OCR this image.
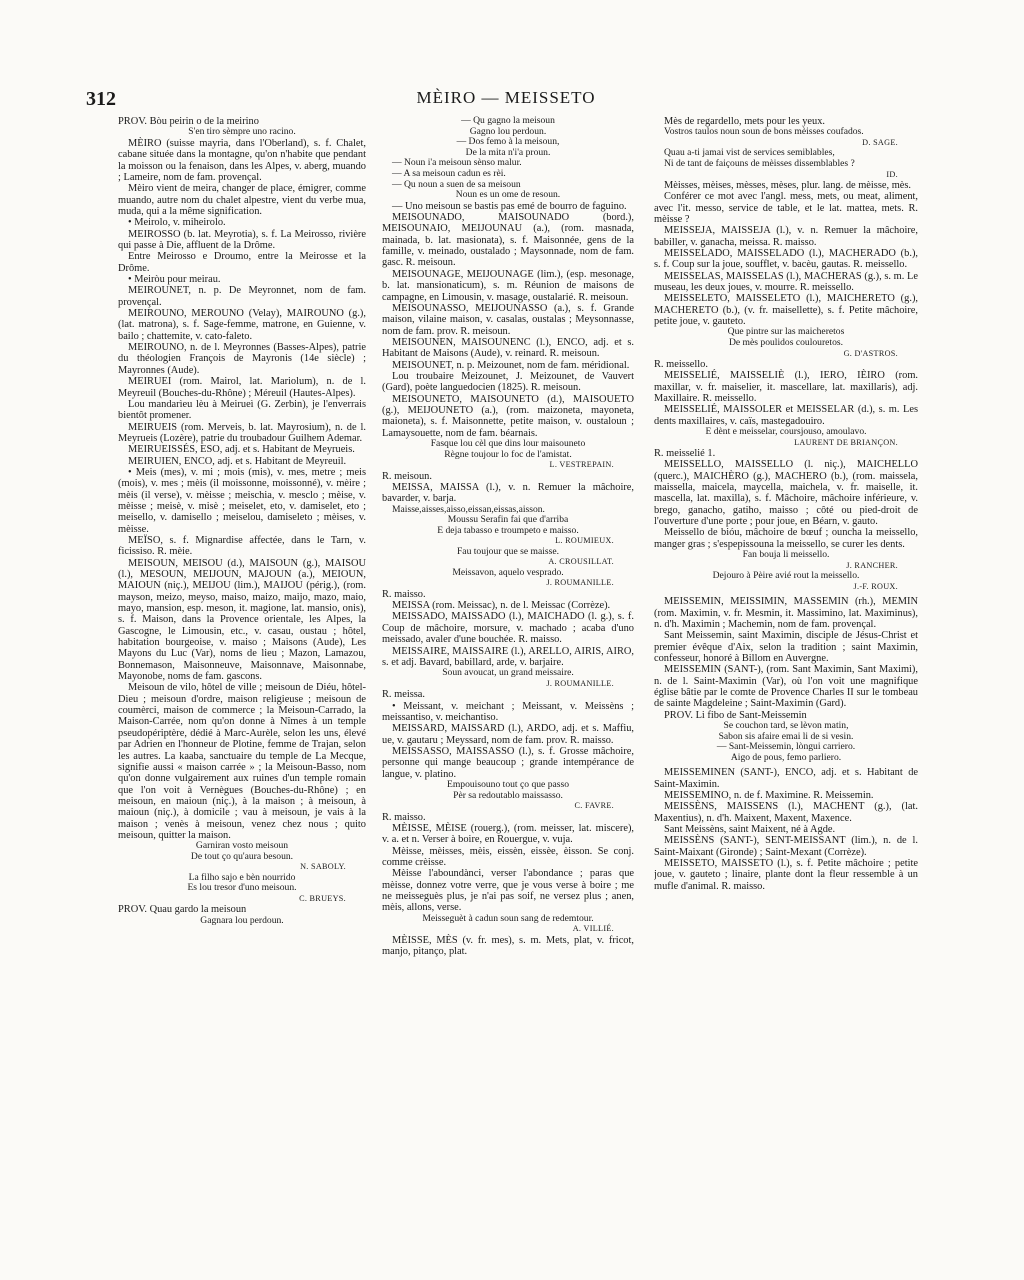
312	MÈIRO — MEISSETO

PROV. Bòu peirin o de la meirino

S'en tiro sèmpre uno racino.

MÈIRO (suisse mayria, dans l'Oberland), s. f. Chalet, cabane située dans la montagne, qu'on n'habite que pendant la moisson ou la fenaison, dans les Alpes, v. aberg, muando ; Lameire, nom de fam. provençal.

Mèiro vient de meira, changer de place, émigrer, comme muando, autre nom du chalet alpestre, vient du verbe mua, muda, qui a la même signification.

• Meirolo, v. miheirolo.

MEIROSSO (b. lat. Meyrotia), s. f. La Meirosso, rivière qui passe à Die, affluent de la Drôme.

Entre Meirosso e Droumo, entre la Meirosse et la Drôme.

• Meiròu pour meirau.

MEIROUNET, n. p. De Meyronnet, nom de fam. provençal.

MEIROUNO, MEROUNO (Velay), MAIROUNO (g.), (lat. matrona), s. f. Sage-femme, matrone, en Guienne, v. bailo ; chattemite, v. cato-faleto.

MEIROUNO, n. de l. Meyronnes (Basses-Alpes), patrie du théologien François de Mayronis (14e siècle) ; Mayronnes (Aude).

MEIRUEI (rom. Mairol, lat. Mariolum), n. de l. Meyreuil (Bouches-du-Rhône) ; Méreuil (Hautes-Alpes).

Lou mandarìeu lèu à Meirueì (G. Zerbin), je l'enverrais bientôt promener.

MEIRUEIS (rom. Merveis, b. lat. Mayrosium), n. de l. Meyrueis (Lozère), patrie du troubadour Guilhem Ademar.

MEIRUEISSÉS, ESO, adj. et s. Habitant de Meyrueis.

MEIRUIEN, ENCO, adj. et s. Habitant de Meyreuil.

• Meis (mes), v. mi ; mois (mis), v. mes, metre ; meis (mois), v. mes ; mèis (il moissonne, moissonné), v. mèire ; mèis (il verse), v. mèisse ; meischia, v. mesclo ; mèise, v. mèisse ; meisè, v. misè ; meiselet, eto, v. damiselet, eto ; meisello, v. damisello ; meiselou, damiseleto ; mèises, v. mèisse.

MEÏSO, s. f. Mignardise affectée, dans le Tarn, v. ficissiso. R. mèie.

MEISOUN, MEISOU (d.), MAISOUN (g.), MAISOU (l.), MESOUN, MEIJOUN, MAJOUN (a.), MEIOUN, MAIOUN (niç.), MEIJOU (lim.), MAIJOU (périg.), (rom. mayson, meizo, meyso, maiso, maizo, maijo, mazo, maio, mayo, mansion, esp. meson, it. magione, lat. mansio, onis), s. f. Maison, dans la Provence orientale, les Alpes, la Gascogne, le Limousin, etc., v. casau, oustau ; hôtel, habitation bourgeoise, v. maiso ; Maisons (Aude), Les Mayons du Luc (Var), noms de lieu ; Mazon, Lamazou, Bonnemason, Maisonneuve, Maisonnave, Maisonnabe, Mayonobe, noms de fam. gascons.

Meisoun de vilo, hôtel de ville ; meisoun de Diéu, hôtel-Dieu ; meisoun d'ordre, maison religieuse ; meisoun de coumèrci, maison de commerce ; la Meisoun-Carrado, la Maison-Carrée, nom qu'on donne à Nîmes à un temple pseudopériptère, dédié à Marc-Aurèle, selon les uns, élevé par Adrien en l'honneur de Plotine, femme de Trajan, selon les autres. La kaaba, sanctuaire du temple de La Mecque, signifie aussi « maison carrée » ; la Meisoun-Basso, nom qu'on donne vulgairement aux ruines d'un temple romain que l'on voit à Vernègues (Bouches-du-Rhône) ; en meisoun, en maioun (niç.), à la maison ; à meisoun, à maioun (niç.), à domicile ; vau à meisoun, je vais à la maison ; venès à meisoun, venez chez nous ; quito meisoun, quitter la maison.

Garniran vosto meisoun

De tout ço qu'aura besoun.

N. SABOLY.

La filho sajo e bèn nourrido

Es lou tresor d'uno meisoun.

C. BRUEYS.

PROV. Quau gardo la meisoun

Gagnara lou perdoun.

— Qu gagno la meisoun

Gagno lou perdoun.

— Dos femo à la meisoun,

De la mita n'i'a proun.

— Noun i'a meisoun sènso malur.

— A sa meisoun cadun es rèi.

— Qu noun a suen de sa meisoun

Noun es un ome de resoun.

— Uno meisoun se bastis pas emé de bourro de faguino.

MEISOUNADO, MAISOUNADO (bord.), MEISOUNAIO, MEIJOUNAU (a.), (rom. masnada, mainada, b. lat. masionata), s. f. Maisonnée, gens de la famille, v. meinado, oustalado ; Maysonnade, nom de fam. gasc. R. meisoun.

MEISOUNAGE, MEIJOUNAGE (lim.), (esp. mesonage, b. lat. mansionaticum), s. m. Réunion de maisons de campagne, en Limousin, v. masage, oustalarié. R. meisoun.

MEISOUNASSO, MEIJOUNASSO (a.), s. f. Grande maison, vilaine maison, v. casalas, oustalas ; Meysonnasse, nom de fam. prov. R. meisoun.

MEISOUNEN, MAISOUNENC (l.), ENCO, adj. et s. Habitant de Maisons (Aude), v. reinard. R. meisoun.

MEISOUNET, n. p. Meizounet, nom de fam. méridional.

Lou troubaire Meizounet, J. Meizounet, de Vauvert (Gard), poète languedocien (1825). R. meisoun.

MEISOUNETO, MAISOUNETO (d.), MAISOUETO (g.), MEIJOUNETO (a.), (rom. maizoneta, mayoneta, maioneta), s. f. Maisonnette, petite maison, v. oustaloun ; Lamaysouette, nom de fam. béarnais.

Fasque lou cèl que dins lour maisouneto

Règne toujour lo foc de l'amistat.

L. VESTREPAIN.

R. meisoun.

MEISSA, MAISSA (l.), v. n. Remuer la mâchoire, bavarder, v. barja.

Maisse,aisses,aisso,eissan,eissas,aisson.

Moussu Serafin fai que d'arriba

E deja tabasso e troumpeto e maisso.

L. ROUMIEUX.

Fau toujour que se maisse.

A. CROUSILLAT.

Meissavon, aquelo vesprado.

J. ROUMANILLE.

R. maisso.

MEISSA (rom. Meissac), n. de l. Meissac (Corrèze).

MEISSADO, MAISSADO (l.), MAICHADO (l. g.), s. f. Coup de mâchoire, morsure, v. machado ; acaba d'uno meissado, avaler d'une bouchée. R. maisso.

MEISSAIRE, MAISSAIRE (l.), ARELLO, AIRIS, AIRO, s. et adj. Bavard, babillard, arde, v. barjaire.

Soun avoucat, un grand meissaire.

J. ROUMANILLE.

R. meissa.

• Meissant, v. meichant ; Meissant, v. Meissèns ; meissantiso, v. meichantiso.

MEISSARD, MAISSARD (l.), ARDO, adj. et s. Maffiu, ue, v. gautaru ; Meyssard, nom de fam. prov. R. maisso.

MEISSASSO, MAISSASSO (l.), s. f. Grosse mâchoire, personne qui mange beaucoup ; grande intempérance de langue, v. platino.

Empouisouno tout ço que passo

Pèr sa redoutablo maissasso.

C. FAVRE.

R. maisso.

MÈISSE, MÈISE (rouerg.), (rom. meisser, lat. miscere), v. a. et n. Verser à boire, en Rouergue, v. vuja.

Mèisse, mèisses, mèis, eissèn, eissèe, èisson. Se conj. comme crèisse.

Mèisse l'aboundànci, verser l'abondance ; paras que mèisse, donnez votre verre, que je vous verse à boire ; me ne meisseguès plus, je n'ai pas soif, ne versez plus ; anen, mèis, allons, verse.

Meisseguèt à cadun soun sang de redemtour.

A. VILLIÉ.

MÈISSE, MÈS (v. fr. mes), s. m. Mets, plat, v. fricot, manjo, pitanço, plat.

Mès de regardello, mets pour les yeux.

Vostros taulos noun soun de bons mèisses coufados.

D. SAGE.

Quau a-ti jamai vist de services semiblables,

Ni de tant de faiçouns de mèisses dissemblables ?

ID.

Mèisses, mèises, mèsses, mèses, plur. lang. de mèisse, mès.

Conférer ce mot avec l'angl. mess, mets, ou meat, aliment, avec l'it. messo, service de table, et le lat. mattea, mets. R. mèisse ?

MEISSEJA, MAISSEJA (l.), v. n. Remuer la mâchoire, babiller, v. ganacha, meissa. R. maisso.

MEISSELADO, MAISSELADO (l.), MACHERADO (b.), s. f. Coup sur la joue, soufflet, v. bacèu, gautas. R. meissello.

MEISSELAS, MAISSELAS (l.), MACHERAS (g.), s. m. Le museau, les deux joues, v. mourre. R. meissello.

MEISSELETO, MAISSELETO (l.), MAICHERETO (g.), MACHERETO (b.), (v. fr. maisellette), s. f. Petite mâchoire, petite joue, v. gauteto.

Que pintre sur las maicheretos

De mès poulidos coulouretos.

G. D'ASTROS.

R. meissello.

MEISSELIÉ, MAISSELIÈ (l.), IERO, IÈIRO (rom. maxillar, v. fr. maiselier, it. mascellare, lat. maxillaris), adj. Maxillaire. R. meissello.

MEISSELIÉ, MAISSOLER et MEISSELAR (d.), s. m. Les dents maxillaires, v. caïs, mastegadouiro.

E dènt e meisselar, coursjouso, amoulavo.

LAURENT DE BRIANÇON.

R. meisselié 1.

MEISSELLO, MAISSELLO (l. niç.), MAICHELLO (querc.), MAICHÈRO (g.), MACHERO (b.), (rom. maissela, maissella, maicela, maycella, maichela, v. fr. maiselle, it. mascella, lat. maxilla), s. f. Mâchoire, mâchoire inférieure, v. brego, ganacho, gatiho, maisso ; côté ou pied-droit de l'ouverture d'une porte ; pour joue, en Béarn, v. gauto.

Meissello de bióu, mâchoire de bœuf ; ouncha la meissello, manger gras ; s'espepissouna la meissello, se curer les dents.

Fan bouja li meissello.

J. RANCHER.

Dejouro à Pèire avié rout la meissello.

J.-F. ROUX.

MEISSEMIN, MEISSIMIN, MASSEMIN (rh.), MEMIN (rom. Maximin, v. fr. Mesmin, it. Massimino, lat. Maximinus), n. d'h. Maximin ; Machemin, nom de fam. provençal.

Sant Meissemin, saint Maximin, disciple de Jésus-Christ et premier évêque d'Aix, selon la tradition ; saint Maximin, confesseur, honoré à Billom en Auvergne.

MEISSEMIN (SANT-), (rom. Sant Maximin, Sant Maximi), n. de l. Saint-Maximin (Var), où l'on voit une magnifique église bâtie par le comte de Provence Charles II sur le tombeau de sainte Magdeleine ; Saint-Maximin (Gard).

PROV. Li fibo de Sant-Meissemin

Se couchon tard, se lèvon matin,

Sabon sis afaire emai li de si vesin.

— Sant-Meissemin, lòngui carriero.

Aigo de pous, femo parliero.

MEISSEMINEN (SANT-), ENCO, adj. et s. Habitant de Saint-Maximin.

MEISSEMINO, n. de f. Maximine. R. Meissemin.

MEISSÈNS, MAISSENS (l.), MACHENT (g.), (lat. Maxentius), n. d'h. Maixent, Maxent, Maxence.

Sant Meissèns, saint Maixent, né à Agde.

MEISSÈNS (SANT-), SENT-MEISSANT (lim.), n. de l. Saint-Maixant (Gironde) ; Saint-Mexant (Corrèze).

MEISSETO, MAISSETO (l.), s. f. Petite mâchoire ; petite joue, v. gauteto ; linaire, plante dont la fleur ressemble à un mufle d'animal. R. maisso.
